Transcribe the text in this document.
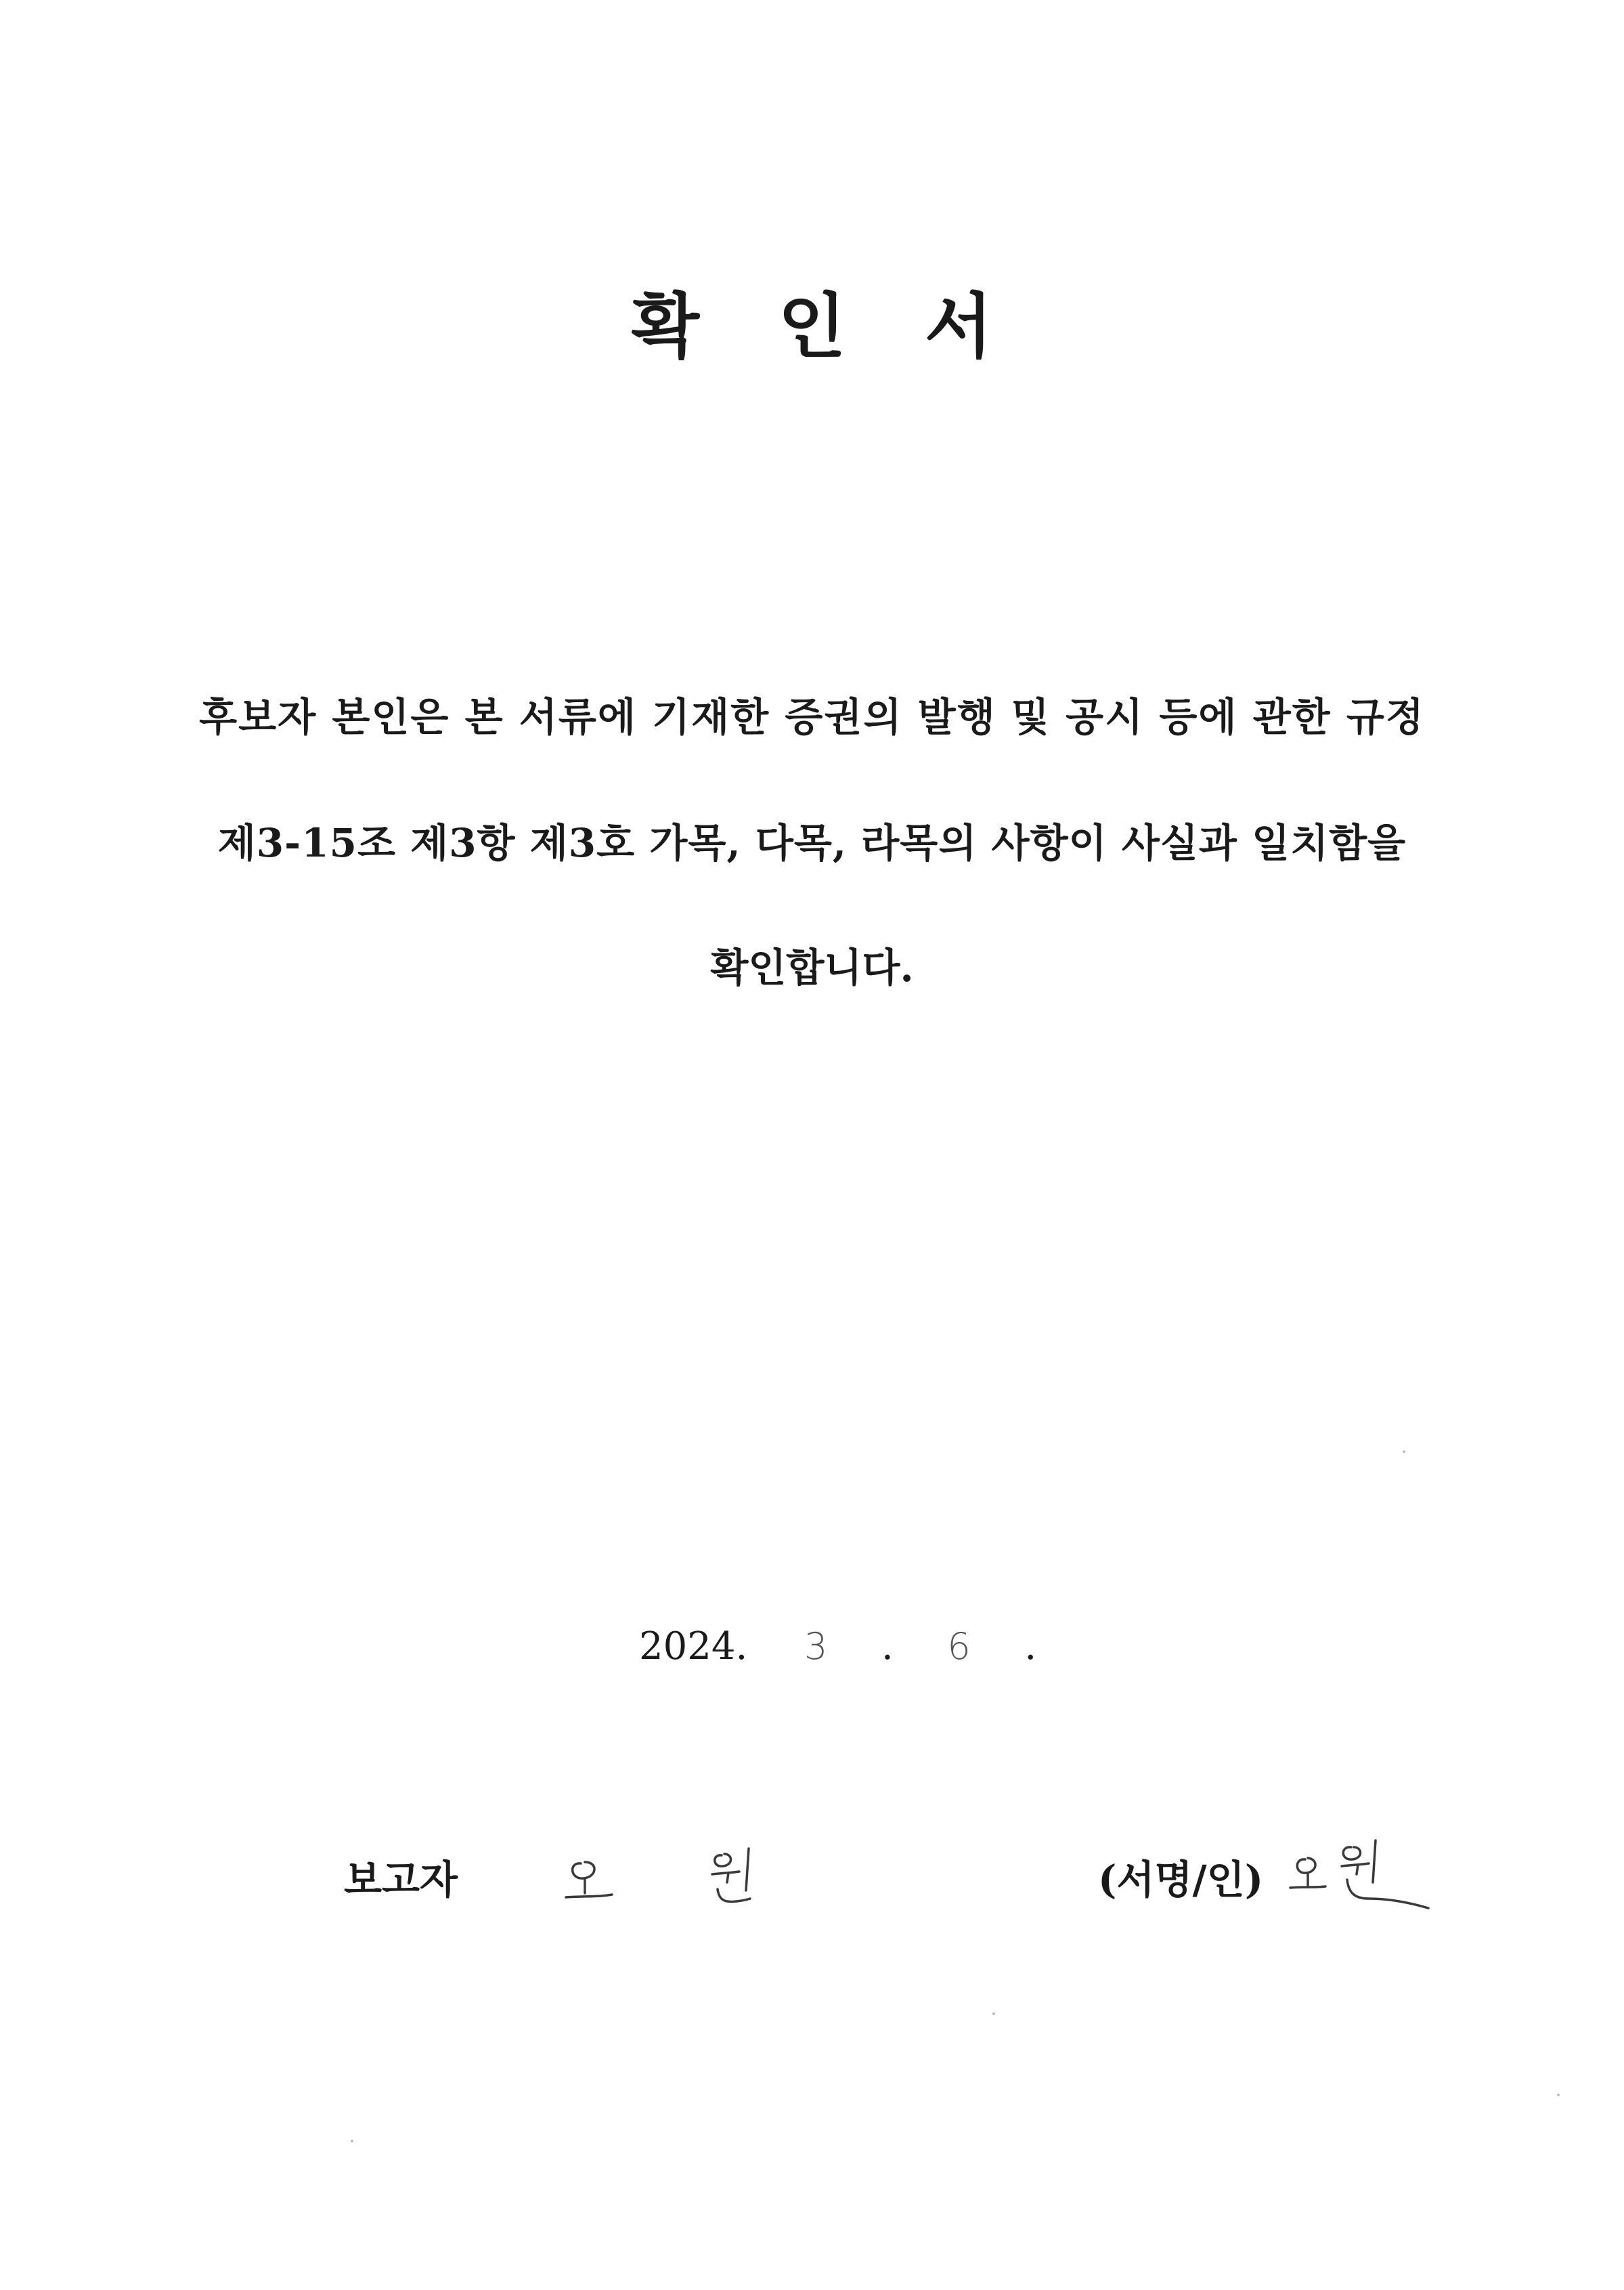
확 인 서
후보자 본인은 본 서류에 기재한 증권의 발행 및 공시 등에 관한 규정
제3-15조 제3항 제3호 가목, 다목, 라목의 사항이 사실과 일치함을
확인합니다.
2024. 3 . 6 .
보고자	(서명/인)
